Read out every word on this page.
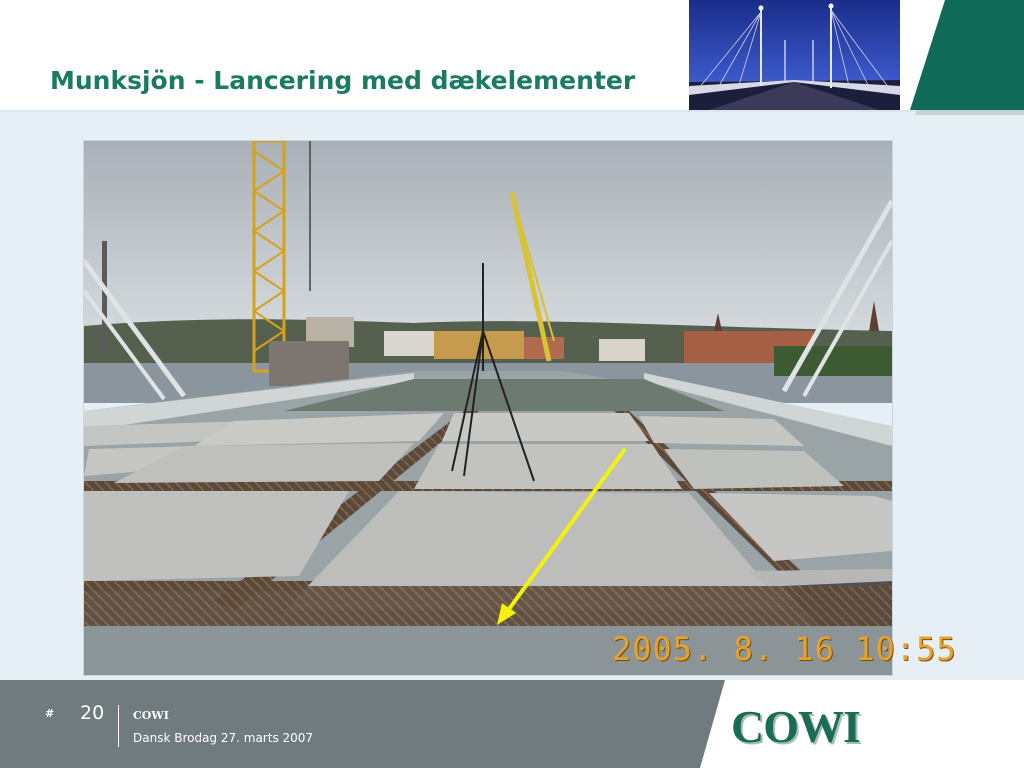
Munksjön - Lancering med dækelementer
2005. 8. 16 10:55
# 20	COWI
Dansk Brodag 27. marts 2007	COWI
